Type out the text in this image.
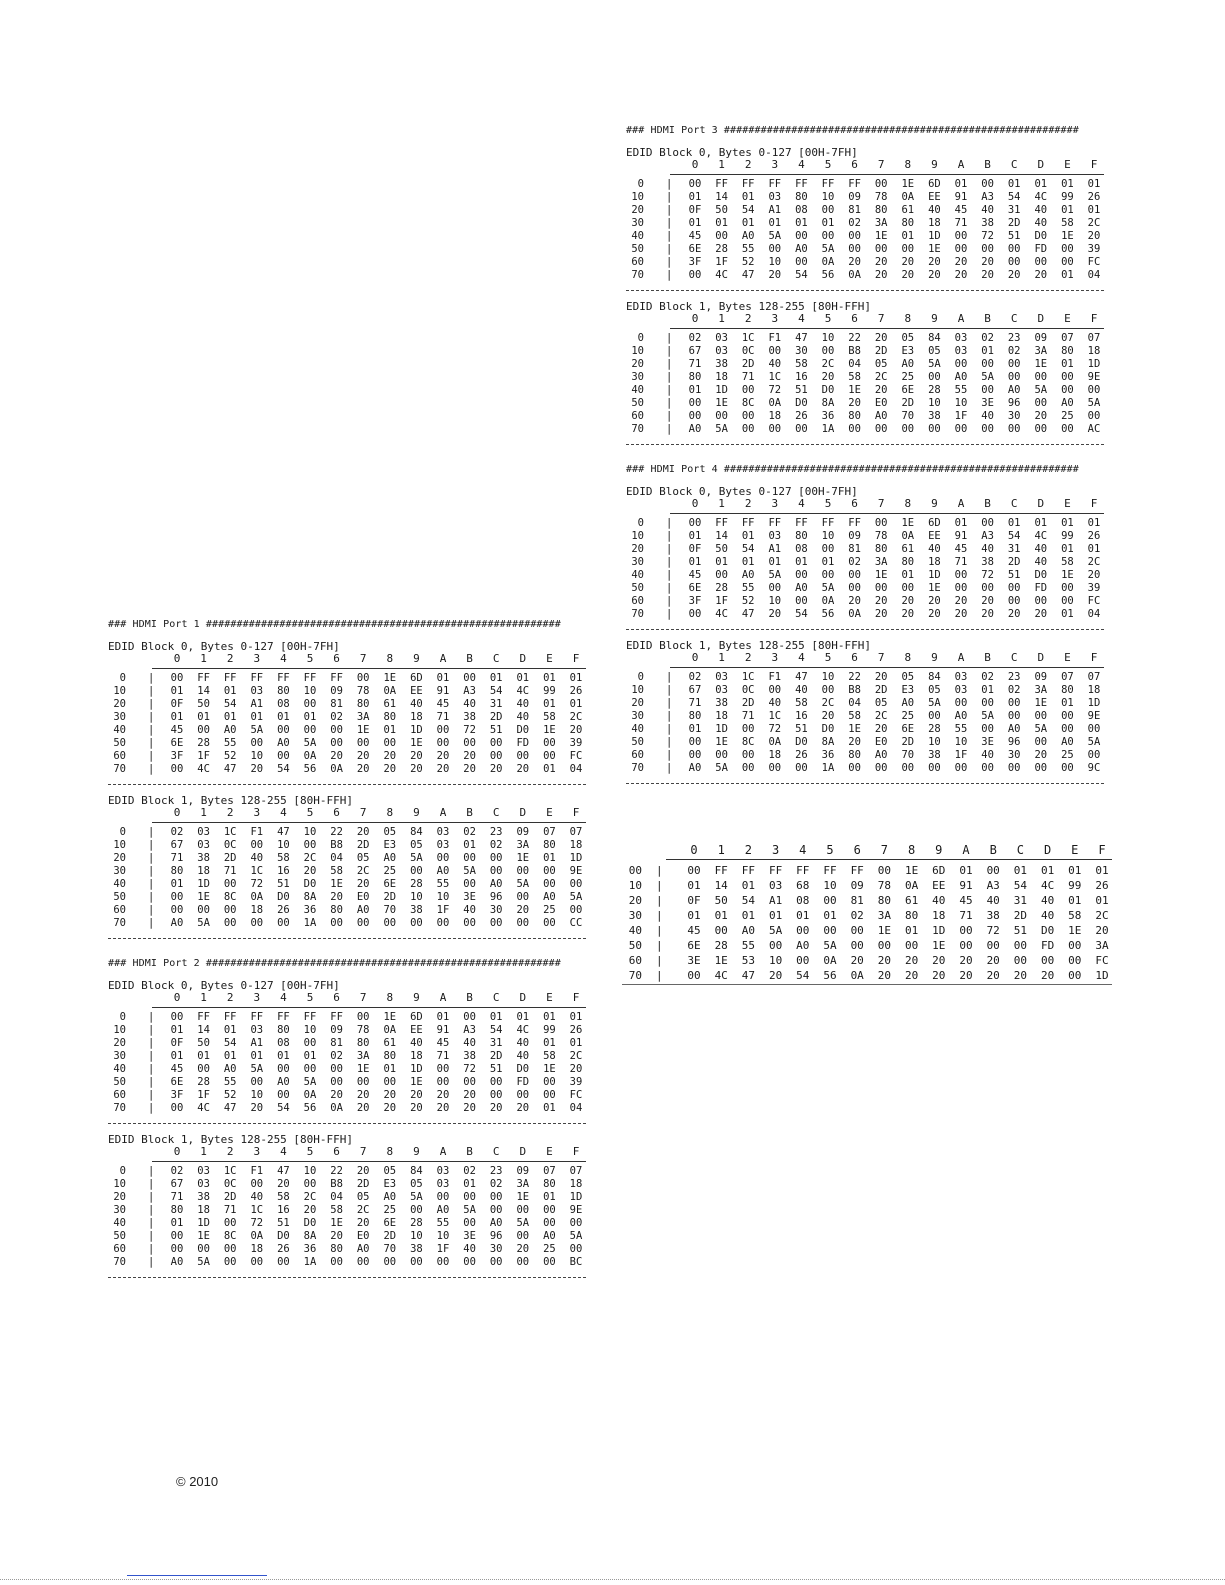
### HDMI Port 1 ##########################################################
EDID Block 0, Bytes 0-127 [00H-7FH]
0	1	2	3	4	5	6	7	8	9	A	B	C	D	E	F
0 |	00	FF	FF	FF	FF	FF	FF	00	1E	6D	01	00	01	01	01	01
10 |	01	14	01	03	80	10	09	78	0A	EE	91	A3	54	4C	99	26
20 |	0F	50	54	A1	08	00	81	80	61	40	45	40	31	40	01	01
30 |	01	01	01	01	01	01	02	3A	80	18	71	38	2D	40	58	2C
40 |	45	00	A0	5A	00	00	00	1E	01	1D	00	72	51	D0	1E	20
50 |	6E	28	55	00	A0	5A	00	00	00	1E	00	00	00	FD	00	39
60 |	3F	1F	52	10	00	0A	20	20	20	20	20	20	00	00	00	FC
70 |	00	4C	47	20	54	56	0A	20	20	20	20	20	20	20	01	04
EDID Block 1, Bytes 128-255 [80H-FFH]
0	1	2	3	4	5	6	7	8	9	A	B	C	D	E	F
0 |	02	03	1C	F1	47	10	22	20	05	84	03	02	23	09	07	07
10 |	67	03	0C	00	10	00	B8	2D	E3	05	03	01	02	3A	80	18
20 |	71	38	2D	40	58	2C	04	05	A0	5A	00	00	00	1E	01	1D
30 |	80	18	71	1C	16	20	58	2C	25	00	A0	5A	00	00	00	9E
40 |	01	1D	00	72	51	D0	1E	20	6E	28	55	00	A0	5A	00	00
50 |	00	1E	8C	0A	D0	8A	20	E0	2D	10	10	3E	96	00	A0	5A
60 |	00	00	00	18	26	36	80	A0	70	38	1F	40	30	20	25	00
70 |	A0	5A	00	00	00	1A	00	00	00	00	00	00	00	00	00	CC
### HDMI Port 2 ##########################################################
EDID Block 0, Bytes 0-127 [00H-7FH]
0	1	2	3	4	5	6	7	8	9	A	B	C	D	E	F
0 |	00	FF	FF	FF	FF	FF	FF	00	1E	6D	01	00	01	01	01	01
10 |	01	14	01	03	80	10	09	78	0A	EE	91	A3	54	4C	99	26
20 |	0F	50	54	A1	08	00	81	80	61	40	45	40	31	40	01	01
30 |	01	01	01	01	01	01	02	3A	80	18	71	38	2D	40	58	2C
40 |	45	00	A0	5A	00	00	00	1E	01	1D	00	72	51	D0	1E	20
50 |	6E	28	55	00	A0	5A	00	00	00	1E	00	00	00	FD	00	39
60 |	3F	1F	52	10	00	0A	20	20	20	20	20	20	00	00	00	FC
70 |	00	4C	47	20	54	56	0A	20	20	20	20	20	20	20	01	04
EDID Block 1, Bytes 128-255 [80H-FFH]
0	1	2	3	4	5	6	7	8	9	A	B	C	D	E	F
0 |	02	03	1C	F1	47	10	22	20	05	84	03	02	23	09	07	07
10 |	67	03	0C	00	20	00	B8	2D	E3	05	03	01	02	3A	80	18
20 |	71	38	2D	40	58	2C	04	05	A0	5A	00	00	00	1E	01	1D
30 |	80	18	71	1C	16	20	58	2C	25	00	A0	5A	00	00	00	9E
40 |	01	1D	00	72	51	D0	1E	20	6E	28	55	00	A0	5A	00	00
50 |	00	1E	8C	0A	D0	8A	20	E0	2D	10	10	3E	96	00	A0	5A
60 |	00	00	00	18	26	36	80	A0	70	38	1F	40	30	20	25	00
70 |	A0	5A	00	00	00	1A	00	00	00	00	00	00	00	00	00	BC
### HDMI Port 3 ##########################################################
EDID Block 0, Bytes 0-127 [00H-7FH]
0	1	2	3	4	5	6	7	8	9	A	B	C	D	E	F
0 |	00	FF	FF	FF	FF	FF	FF	00	1E	6D	01	00	01	01	01	01
10 |	01	14	01	03	80	10	09	78	0A	EE	91	A3	54	4C	99	26
20 |	0F	50	54	A1	08	00	81	80	61	40	45	40	31	40	01	01
30 |	01	01	01	01	01	01	02	3A	80	18	71	38	2D	40	58	2C
40 |	45	00	A0	5A	00	00	00	1E	01	1D	00	72	51	D0	1E	20
50 |	6E	28	55	00	A0	5A	00	00	00	1E	00	00	00	FD	00	39
60 |	3F	1F	52	10	00	0A	20	20	20	20	20	20	00	00	00	FC
70 |	00	4C	47	20	54	56	0A	20	20	20	20	20	20	20	01	04
EDID Block 1, Bytes 128-255 [80H-FFH]
0	1	2	3	4	5	6	7	8	9	A	B	C	D	E	F
0 |	02	03	1C	F1	47	10	22	20	05	84	03	02	23	09	07	07
10 |	67	03	0C	00	30	00	B8	2D	E3	05	03	01	02	3A	80	18
20 |	71	38	2D	40	58	2C	04	05	A0	5A	00	00	00	1E	01	1D
30 |	80	18	71	1C	16	20	58	2C	25	00	A0	5A	00	00	00	9E
40 |	01	1D	00	72	51	D0	1E	20	6E	28	55	00	A0	5A	00	00
50 |	00	1E	8C	0A	D0	8A	20	E0	2D	10	10	3E	96	00	A0	5A
60 |	00	00	00	18	26	36	80	A0	70	38	1F	40	30	20	25	00
70 |	A0	5A	00	00	00	1A	00	00	00	00	00	00	00	00	00	AC
### HDMI Port 4 ##########################################################
EDID Block 0, Bytes 0-127 [00H-7FH]
0	1	2	3	4	5	6	7	8	9	A	B	C	D	E	F
0 |	00	FF	FF	FF	FF	FF	FF	00	1E	6D	01	00	01	01	01	01
10 |	01	14	01	03	80	10	09	78	0A	EE	91	A3	54	4C	99	26
20 |	0F	50	54	A1	08	00	81	80	61	40	45	40	31	40	01	01
30 |	01	01	01	01	01	01	02	3A	80	18	71	38	2D	40	58	2C
40 |	45	00	A0	5A	00	00	00	1E	01	1D	00	72	51	D0	1E	20
50 |	6E	28	55	00	A0	5A	00	00	00	1E	00	00	00	FD	00	39
60 |	3F	1F	52	10	00	0A	20	20	20	20	20	20	00	00	00	FC
70 |	00	4C	47	20	54	56	0A	20	20	20	20	20	20	20	01	04
EDID Block 1, Bytes 128-255 [80H-FFH]
0	1	2	3	4	5	6	7	8	9	A	B	C	D	E	F
0 |	02	03	1C	F1	47	10	22	20	05	84	03	02	23	09	07	07
10 |	67	03	0C	00	40	00	B8	2D	E3	05	03	01	02	3A	80	18
20 |	71	38	2D	40	58	2C	04	05	A0	5A	00	00	00	1E	01	1D
30 |	80	18	71	1C	16	20	58	2C	25	00	A0	5A	00	00	00	9E
40 |	01	1D	00	72	51	D0	1E	20	6E	28	55	00	A0	5A	00	00
50 |	00	1E	8C	0A	D0	8A	20	E0	2D	10	10	3E	96	00	A0	5A
60 |	00	00	00	18	26	36	80	A0	70	38	1F	40	30	20	25	00
70 |	A0	5A	00	00	00	1A	00	00	00	00	00	00	00	00	00	9C
0	1	2	3	4	5	6	7	8	9	A	B	C	D	E	F
00 |	00	FF	FF	FF	FF	FF	FF	00	1E	6D	01	00	01	01	01	01
10 |	01	14	01	03	68	10	09	78	0A	EE	91	A3	54	4C	99	26
20 |	0F	50	54	A1	08	00	81	80	61	40	45	40	31	40	01	01
30 |	01	01	01	01	01	01	02	3A	80	18	71	38	2D	40	58	2C
40 |	45	00	A0	5A	00	00	00	1E	01	1D	00	72	51	D0	1E	20
50 |	6E	28	55	00	A0	5A	00	00	00	1E	00	00	00	FD	00	3A
60 |	3E	1E	53	10	00	0A	20	20	20	20	20	20	00	00	00	FC
70 |	00	4C	47	20	54	56	0A	20	20	20	20	20	20	20	00	1D
© 2010
